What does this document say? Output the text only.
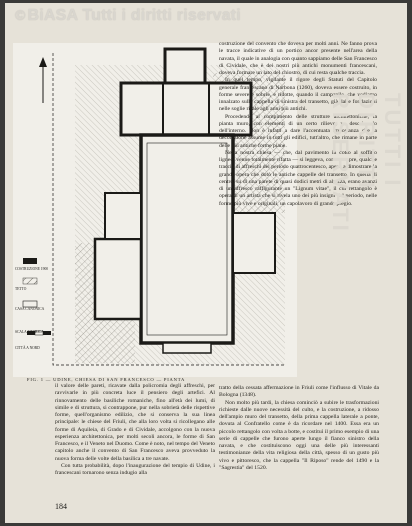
© BiASA Tutti i diritti riservati
COSTRUZIONE 1900
TETTO
CASA CANONICA
SCALA METRICA
CITTÀ A NORD
FIG. 1 — UDINE, CHIESA DI SAN FRANCESCO — PIANTA

costruzione del convento che doveva per molti anni. Ne fanno prova le tracce indicative di un portico ancor presente nell'area della navata, il quale in analogia con quanto sappiamo delle San Francesco di Cividale, che è dei nostri più antichi monumenti francescani, doveva formare un lato del chiostro, di cui resta qualche traccia.

In quel tempo, vigilante il rigore degli Statuti del Capitolo generale francescano di Narbona (1260), doveva essere costruito, in forme severe e sobrie, e ridotte, quando il campanile, che vediamo innalzato sulla cappella di sinistra del transetto, già dalle fondazioni nelle soglie risale agli anni più antichi.

Procedendo al compimento delle strutture architettoniche, la pianta muro, con elementi di un certo rilievo, va descrivendo dell'interno. Non è infatti a dare l'accentuata importanza che la decorazione assume in tutti gli edifici, tutt'altro, che rimane in parte delle più antiche forme piane.

Nella nostra chiesa — che, dal pavimento in cotto al soffitto ligneo, venne totalmente rifatta — si leggeva, come sempre, qualche traccia di affreschi del periodo quattrocentesco, aperti a dimostrare la grande opera che dotò le antiche cappelle del transetto. In quella di centro, su di una parete di quasi dodici metri di altezza, erano avanzi di un affresco raffigurante un "Lignum vitae", il cui rettangolo è opera di un artista che si rivela uno dei più insigni del periodo, nelle forme più vive e originali, un capolavoro di grande pregio.

il valore delle pareti, ricavate dalla policromia degli affreschi, per ravvivarle in più concreta luce il pensiero degli artefici. Al rinnovamento delle basiliche romaniche, fino all'età dei lumi, di simile e di struttura, si contrappone, pur nella sobrietà delle rispettive forme, quell'organismo edilizio, che si conserva la sua linea principale: le chiese del Friuli, che alla loro volta si ricollegano alle forme di Aquileia, di Grado e di Cividale, accolgono con la nuova esperienza architettonica, per molti secoli ancora, le forme di San Francesco, e il Veneto nel Duomo. Come è noto, nel tempo del Veneto capitolo anche il convento di San Francesco aveva provveduto la nuova forma delle volte della basilica a tre navate.

Con tutta probabilità, dopo l'inaugurazione del tempio di Udine, i francescani tornarono senza indugio alla

tratto della cessata affermazione in Friuli come l'influsso di Vitale da Bologna (1348).

Non molto più tardi, la chiesa cominciò a subire le trasformazioni richieste dalle nuove necessità del culto, e la costruzione, a ridosso dell'ampio muro del transetto, della prima cappella laterale a ponte, dovuta al Confratello come è da ricordare nel 1400. Essa era un piccolo rettangolo con volta a botte, e costituì il primo esempio di una serie di cappelle che furono aperte lungo il fianco sinistro della navata, e che costituiscono oggi una delle più interessanti testimonianze della vita religiosa della città, spesso di un gusto più vivo e pittoresco, che la cappella "Il Riposo" rende del 1490 e la "Sagrestia" del 1520.

184
TUTTI I DIRITTI RISERVATI
